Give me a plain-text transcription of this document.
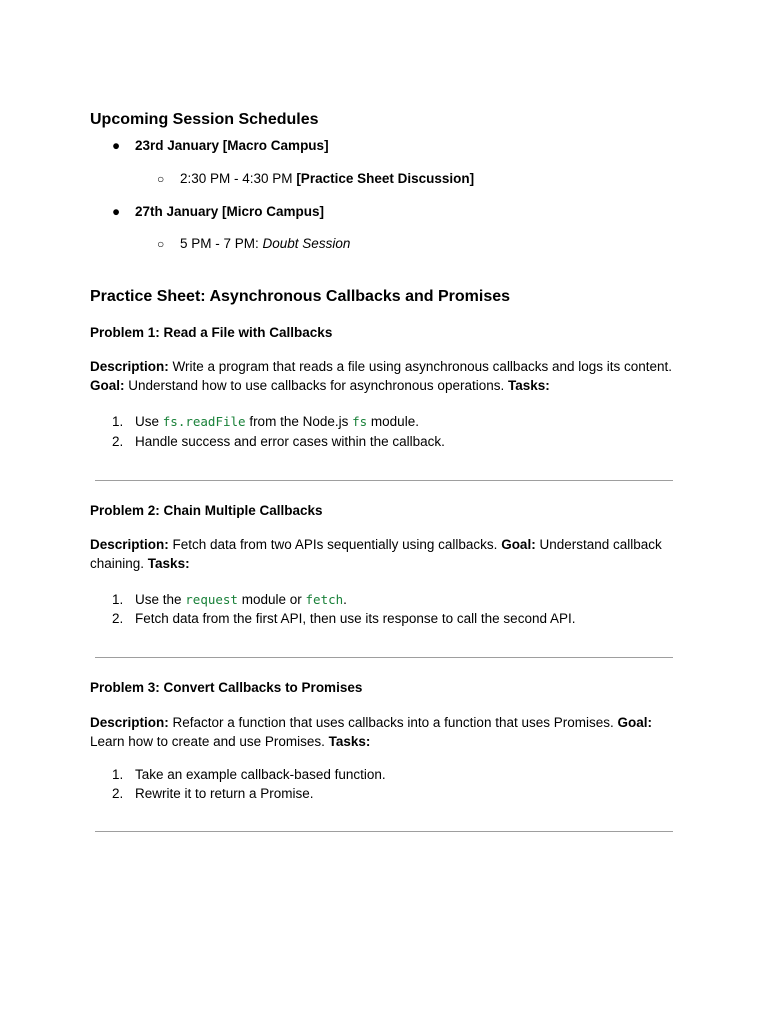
Upcoming Session Schedules
● 23rd January [Macro Campus]
○ 2:30 PM - 4:30 PM [Practice Sheet Discussion]
● 27th January [Micro Campus]
○ 5 PM - 7 PM: Doubt Session
Practice Sheet: Asynchronous Callbacks and Promises
Problem 1: Read a File with Callbacks
Description: Write a program that reads a file using asynchronous callbacks and logs its content. Goal: Understand how to use callbacks for asynchronous operations. Tasks:
1. Use fs.readFile from the Node.js fs module.
2. Handle success and error cases within the callback.
Problem 2: Chain Multiple Callbacks
Description: Fetch data from two APIs sequentially using callbacks. Goal: Understand callback chaining. Tasks:
1. Use the request module or fetch.
2. Fetch data from the first API, then use its response to call the second API.
Problem 3: Convert Callbacks to Promises
Description: Refactor a function that uses callbacks into a function that uses Promises. Goal: Learn how to create and use Promises. Tasks:
1. Take an example callback-based function.
2. Rewrite it to return a Promise.
